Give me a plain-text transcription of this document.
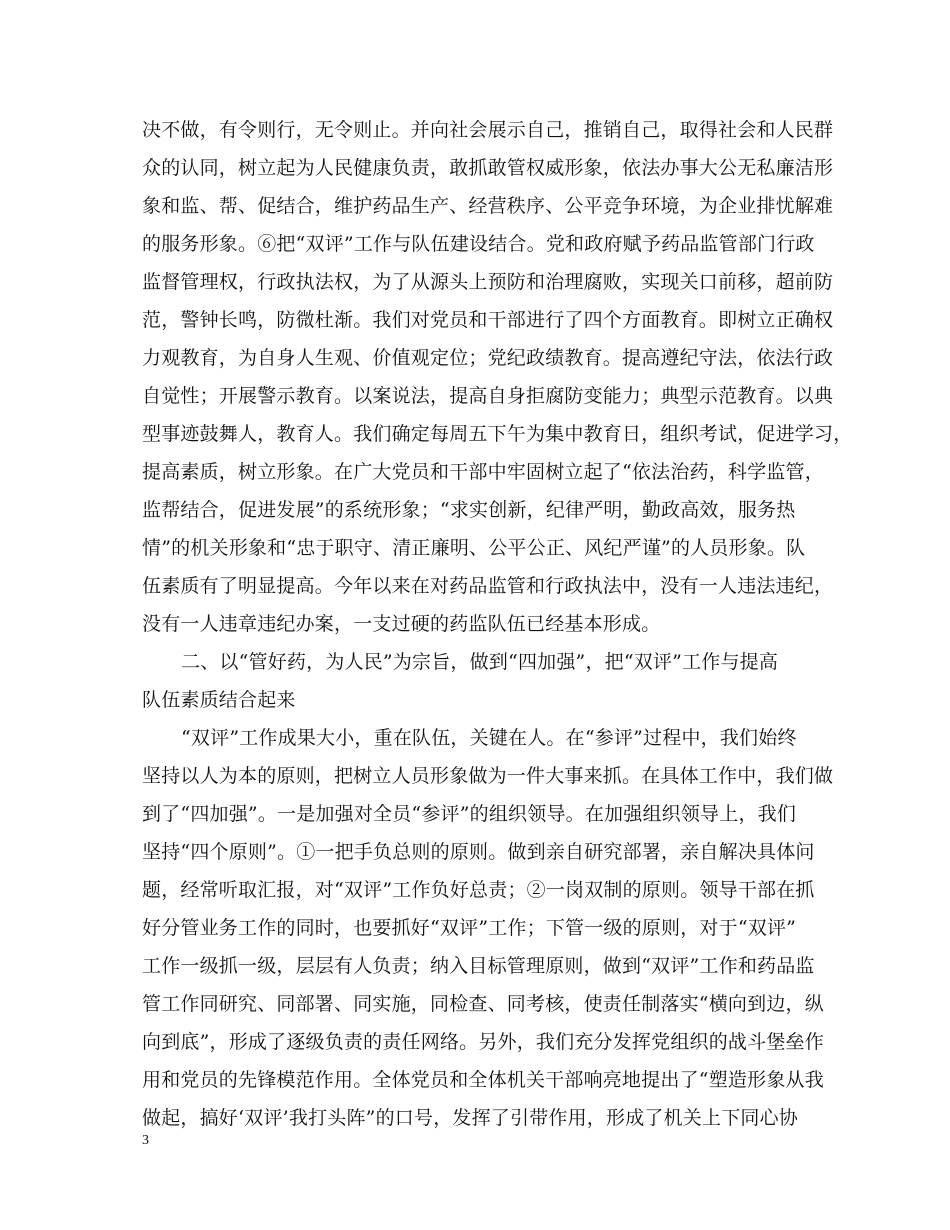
决不做，有令则行，无令则止。并向社会展示自己，推销自己，取得社会和人民群
众的认同，树立起为人民健康负责，敢抓敢管权威形象，依法办事大公无私廉洁形
象和监、帮、促结合，维护药品生产、经营秩序、公平竞争环境，为企业排忧解难
的服务形象。⑥把“双评”工作与队伍建设结合。党和政府赋予药品监管部门行政
监督管理权，行政执法权，为了从源头上预防和治理腐败，实现关口前移，超前防
范，警钟长鸣，防微杜渐。我们对党员和干部进行了四个方面教育。即树立正确权
力观教育，为自身人生观、价值观定位；党纪政绩教育。提高遵纪守法，依法行政
自觉性；开展警示教育。以案说法，提高自身拒腐防变能力；典型示范教育。以典
型事迹鼓舞人，教育人。我们确定每周五下午为集中教育日，组织考试，促进学习，
提高素质，树立形象。在广大党员和干部中牢固树立起了“依法治药，科学监管，
监帮结合，促进发展”的系统形象；“求实创新，纪律严明，勤政高效，服务热
情”的机关形象和“忠于职守、清正廉明、公平公正、风纪严谨”的人员形象。队
伍素质有了明显提高。今年以来在对药品监管和行政执法中，没有一人违法违纪，
没有一人违章违纪办案，一支过硬的药监队伍已经基本形成。
二、以“管好药，为人民”为宗旨，做到“四加强”，把“双评”工作与提高
队伍素质结合起来
“双评”工作成果大小，重在队伍，关键在人。在“参评”过程中，我们始终
坚持以人为本的原则，把树立人员形象做为一件大事来抓。在具体工作中，我们做
到了“四加强”。一是加强对全员“参评”的组织领导。在加强组织领导上，我们
坚持“四个原则”。①一把手负总则的原则。做到亲自研究部署，亲自解决具体问
题，经常听取汇报，对“双评”工作负好总责；②一岗双制的原则。领导干部在抓
好分管业务工作的同时，也要抓好“双评”工作；下管一级的原则，对于“双评”
工作一级抓一级，层层有人负责；纳入目标管理原则，做到“双评”工作和药品监
管工作同研究、同部署、同实施，同检查、同考核，使责任制落实“横向到边，纵
向到底”，形成了逐级负责的责任网络。另外，我们充分发挥党组织的战斗堡垒作
用和党员的先锋模范作用。全体党员和全体机关干部响亮地提出了“塑造形象从我
做起，搞好‘双评’我打头阵”的口号，发挥了引带作用，形成了机关上下同心协
3
